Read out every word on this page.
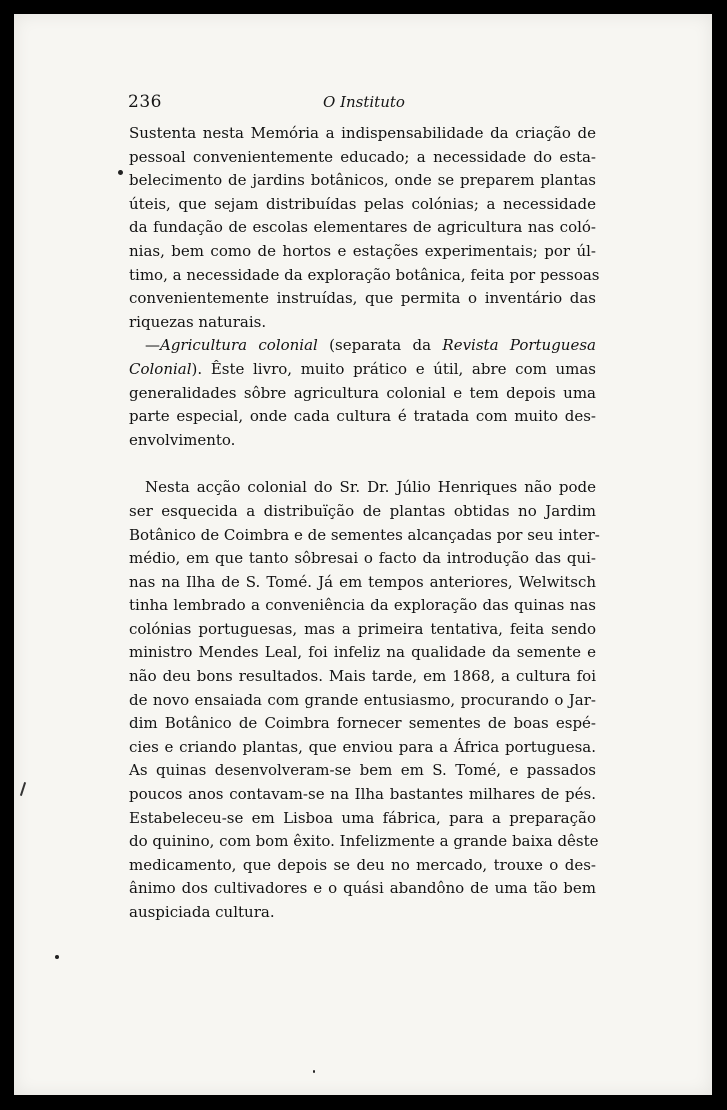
236	O Instituto

Sustenta nesta Memória a indispensabilidade da criação de
pessoal convenientemente educado; a necessidade do esta-
belecimento de jardins botânicos, onde se preparem plantas
úteis, que sejam distribuídas pelas colónias; a necessidade
da fundação de escolas elementares de agricultura nas coló-
nias, bem como de hortos e estações experimentais; por úl-
timo, a necessidade da exploração botânica, feita por pessoas
convenientemente instruídas, que permita o inventário das
riquezas naturais.

—Agricultura colonial (separata da Revista Portuguesa
Colonial). Êste livro, muito prático e útil, abre com umas
generalidades sôbre agricultura colonial e tem depois uma
parte especial, onde cada cultura é tratada com muito des-
envolvimento.

Nesta acção colonial do Sr. Dr. Júlio Henriques não pode
ser esquecida a distribuïção de plantas obtidas no Jardim
Botânico de Coimbra e de sementes alcançadas por seu inter-
médio, em que tanto sôbresai o facto da introdução das qui-
nas na Ilha de S. Tomé. Já em tempos anteriores, Welwitsch
tinha lembrado a conveniência da exploração das quinas nas
colónias portuguesas, mas a primeira tentativa, feita sendo
ministro Mendes Leal, foi infeliz na qualidade da semente e
não deu bons resultados. Mais tarde, em 1868, a cultura foi
de novo ensaiada com grande entusiasmo, procurando o Jar-
dim Botânico de Coimbra fornecer sementes de boas espé-
cies e criando plantas, que enviou para a África portuguesa.
As quinas desenvolveram-se bem em S. Tomé, e passados
poucos anos contavam-se na Ilha bastantes milhares de pés.
Estabeleceu-se em Lisboa uma fábrica, para a preparação
do quinino, com bom êxito. Infelizmente a grande baixa dêste
medicamento, que depois se deu no mercado, trouxe o des-
ânimo dos cultivadores e o quási abandôno de uma tão bem
auspiciada cultura.
